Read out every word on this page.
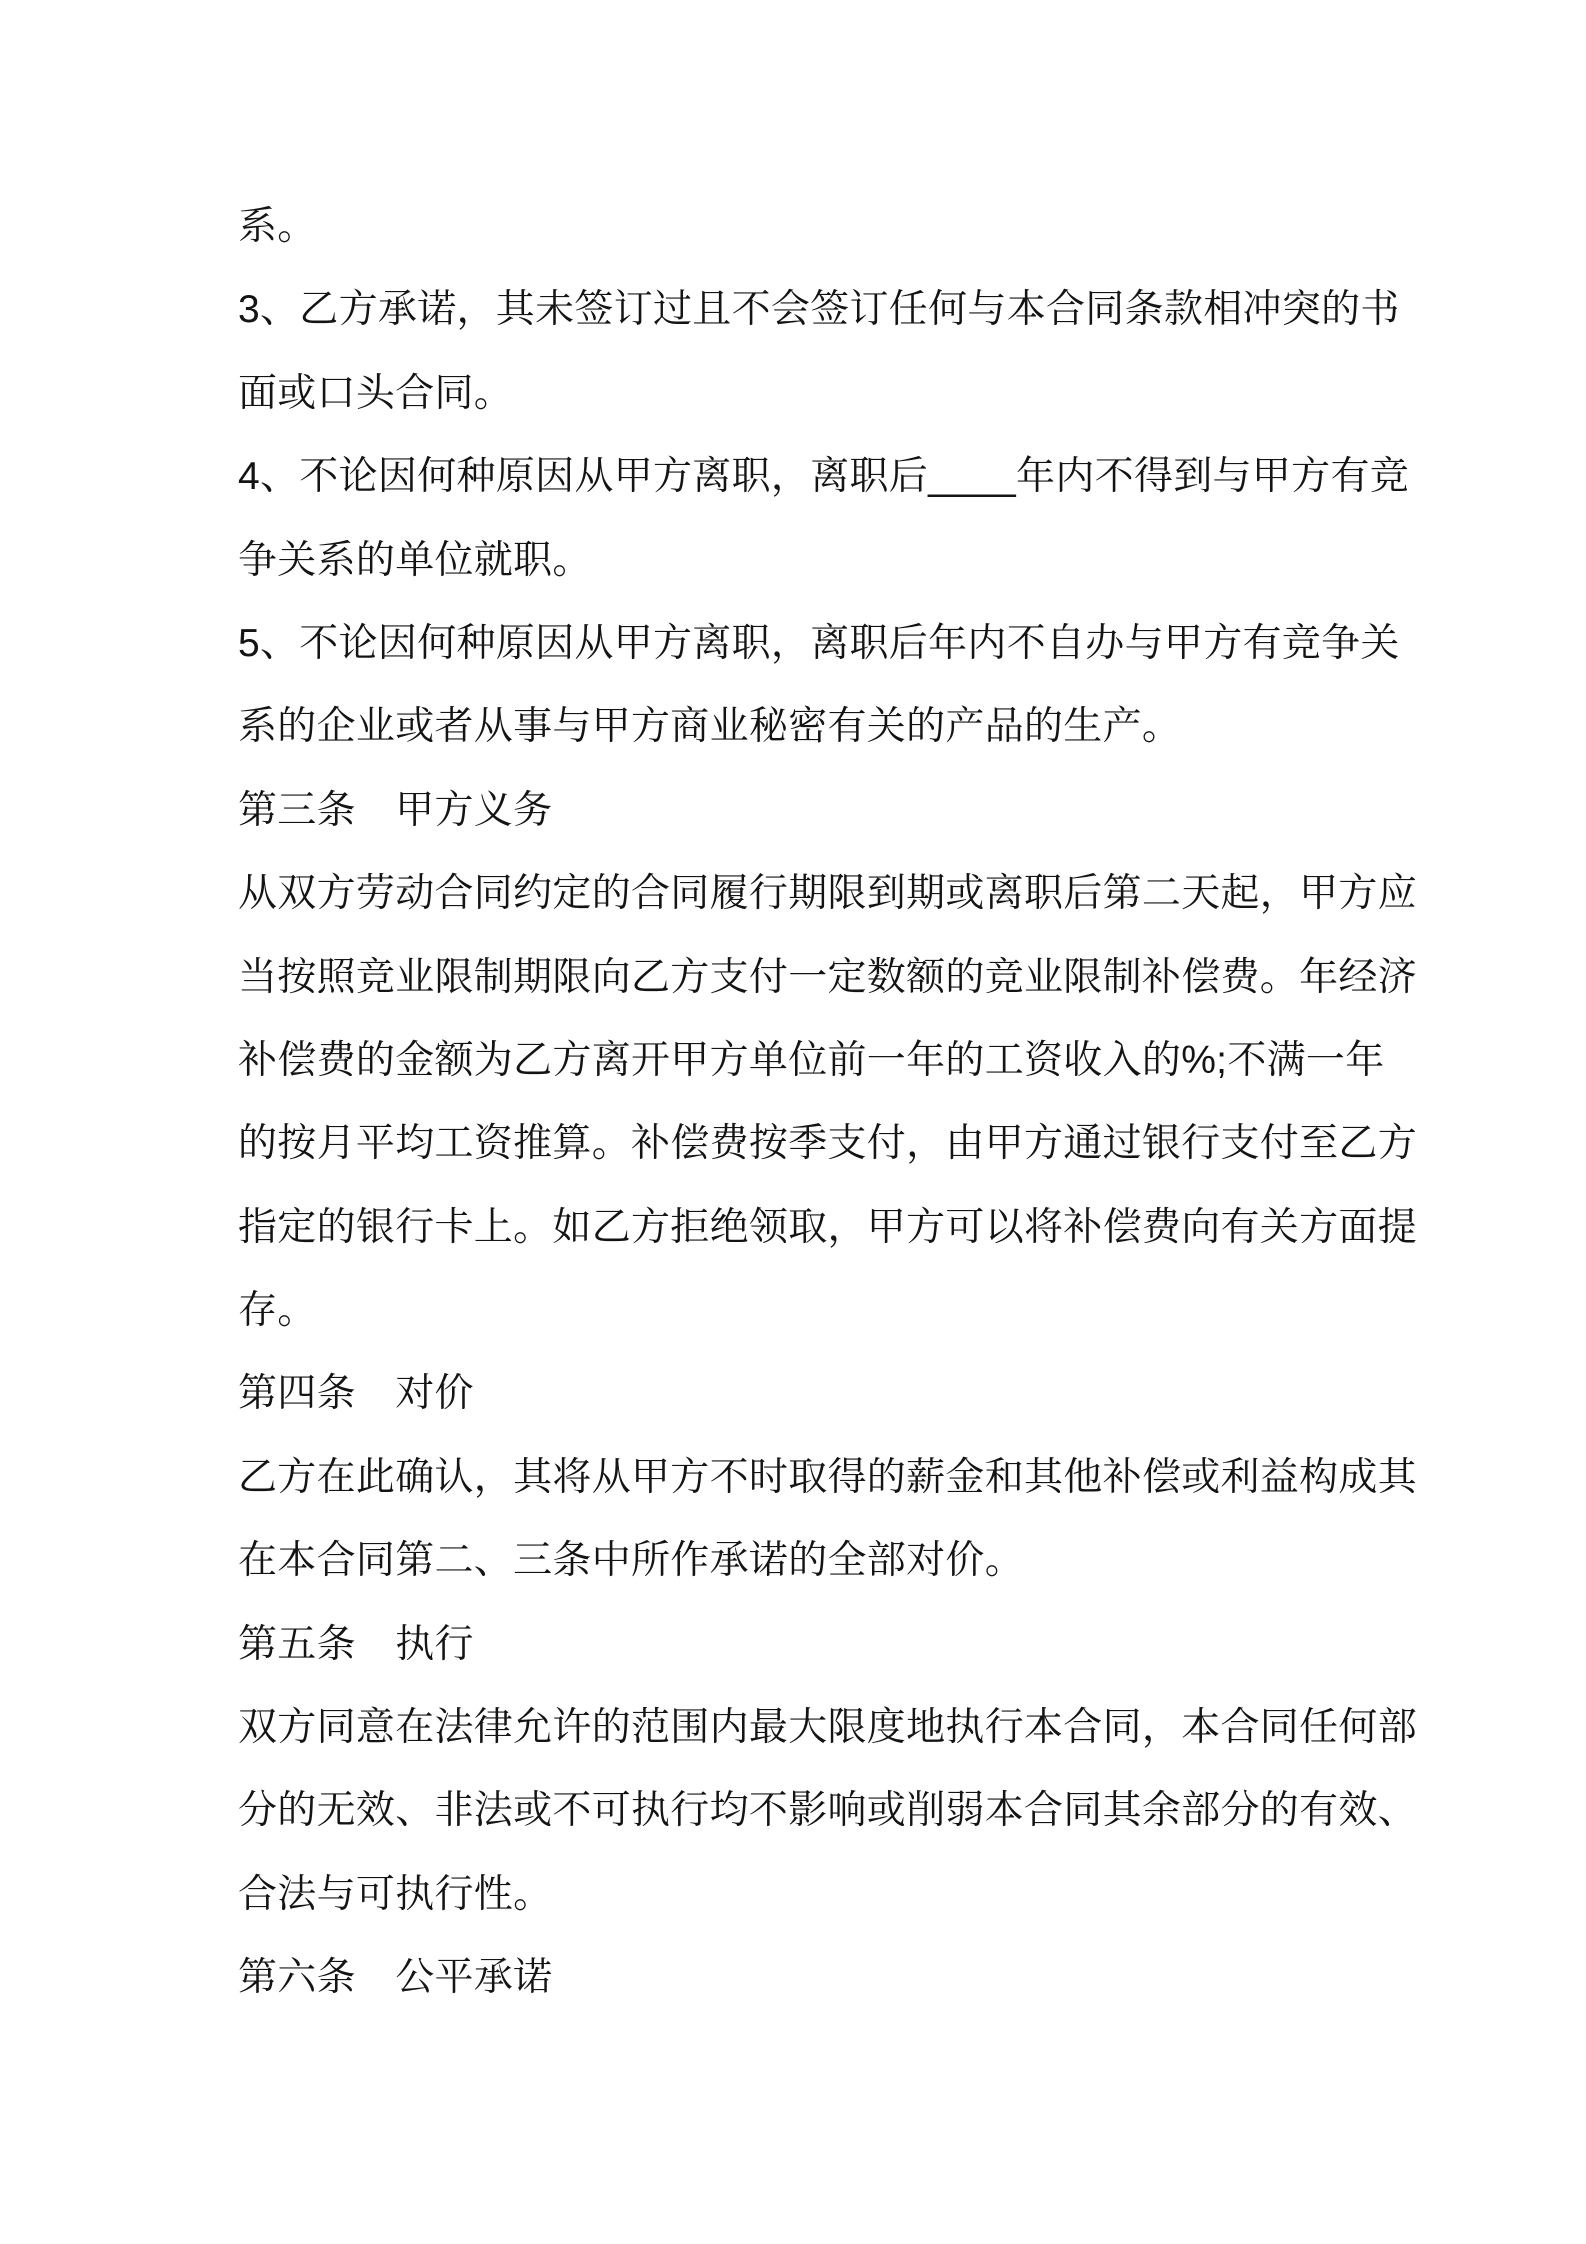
系。
3、乙方承诺，其未签订过且不会签订任何与本合同条款相冲突的书
面或口头合同。
4、不论因何种原因从甲方离职，离职后____年内不得到与甲方有竞
争关系的单位就职。
5、不论因何种原因从甲方离职，离职后年内不自办与甲方有竞争关
系的企业或者从事与甲方商业秘密有关的产品的生产。
第三条　甲方义务
从双方劳动合同约定的合同履行期限到期或离职后第二天起，甲方应
当按照竞业限制期限向乙方支付一定数额的竞业限制补偿费。年经济
补偿费的金额为乙方离开甲方单位前一年的工资收入的%;不满一年
的按月平均工资推算。补偿费按季支付，由甲方通过银行支付至乙方
指定的银行卡上。如乙方拒绝领取，甲方可以将补偿费向有关方面提
存。
第四条　对价
乙方在此确认，其将从甲方不时取得的薪金和其他补偿或利益构成其
在本合同第二、三条中所作承诺的全部对价。
第五条　执行
双方同意在法律允许的范围内最大限度地执行本合同，本合同任何部
分的无效、非法或不可执行均不影响或削弱本合同其余部分的有效、
合法与可执行性。
第六条　公平承诺
